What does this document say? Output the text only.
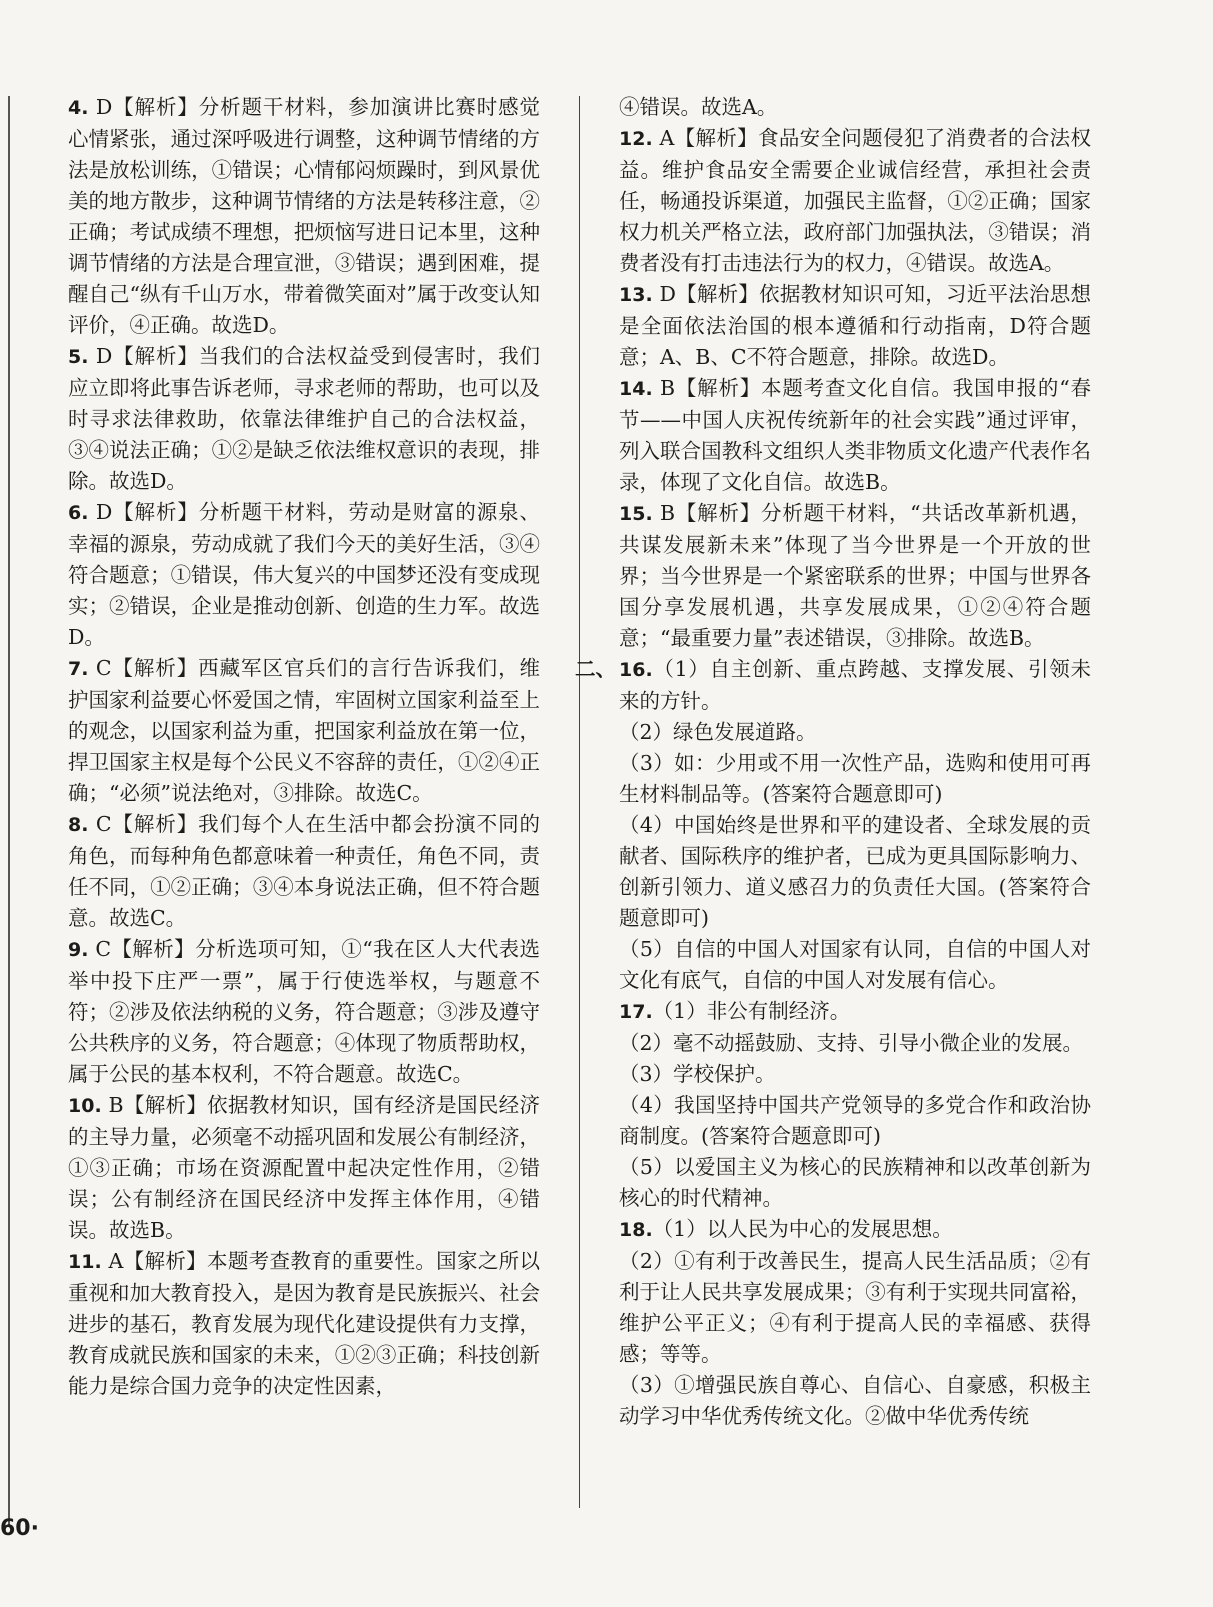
4. D【解析】分析题干材料，参加演讲比赛时感觉心情紧张，通过深呼吸进行调整，这种调节情绪的方法是放松训练，①错误；心情郁闷烦躁时，到风景优美的地方散步，这种调节情绪的方法是转移注意，②正确；考试成绩不理想，把烦恼写进日记本里，这种调节情绪的方法是合理宣泄，③错误；遇到困难，提醒自己“纵有千山万水，带着微笑面对”属于改变认知评价，④正确。故选D。

5. D【解析】当我们的合法权益受到侵害时，我们应立即将此事告诉老师，寻求老师的帮助，也可以及时寻求法律救助，依靠法律维护自己的合法权益，③④说法正确；①②是缺乏依法维权意识的表现，排除。故选D。

6. D【解析】分析题干材料，劳动是财富的源泉、幸福的源泉，劳动成就了我们今天的美好生活，③④符合题意；①错误，伟大复兴的中国梦还没有变成现实；②错误，企业是推动创新、创造的生力军。故选D。

7. C【解析】西藏军区官兵们的言行告诉我们，维护国家利益要心怀爱国之情，牢固树立国家利益至上的观念，以国家利益为重，把国家利益放在第一位，捍卫国家主权是每个公民义不容辞的责任，①②④正确；“必须”说法绝对，③排除。故选C。

8. C【解析】我们每个人在生活中都会扮演不同的角色，而每种角色都意味着一种责任，角色不同，责任不同，①②正确；③④本身说法正确，但不符合题意。故选C。

9. C【解析】分析选项可知，①“我在区人大代表选举中投下庄严一票”，属于行使选举权，与题意不符；②涉及依法纳税的义务，符合题意；③涉及遵守公共秩序的义务，符合题意；④体现了物质帮助权，属于公民的基本权利，不符合题意。故选C。

10. B【解析】依据教材知识，国有经济是国民经济的主导力量，必须毫不动摇巩固和发展公有制经济，①③正确；市场在资源配置中起决定性作用，②错误；公有制经济在国民经济中发挥主体作用，④错误。故选B。

11. A【解析】本题考查教育的重要性。国家之所以重视和加大教育投入，是因为教育是民族振兴、社会进步的基石，教育发展为现代化建设提供有力支撑，教育成就民族和国家的未来，①②③正确；科技创新能力是综合国力竞争的决定性因素，

④错误。故选A。

12. A【解析】食品安全问题侵犯了消费者的合法权益。维护食品安全需要企业诚信经营，承担社会责任，畅通投诉渠道，加强民主监督，①②正确；国家权力机关严格立法，政府部门加强执法，③错误；消费者没有打击违法行为的权力，④错误。故选A。

13. D【解析】依据教材知识可知，习近平法治思想是全面依法治国的根本遵循和行动指南，D符合题意；A、B、C不符合题意，排除。故选D。

14. B【解析】本题考查文化自信。我国申报的“春节——中国人庆祝传统新年的社会实践”通过评审，列入联合国教科文组织人类非物质文化遗产代表作名录，体现了文化自信。故选B。

15. B【解析】分析题干材料，“共话改革新机遇，共谋发展新未来”体现了当今世界是一个开放的世界；当今世界是一个紧密联系的世界；中国与世界各国分享发展机遇，共享发展成果，①②④符合题意；“最重要力量”表述错误，③排除。故选B。

二、 16.（1）自主创新、重点跨越、支撑发展、引领未来的方针。

（2）绿色发展道路。

（3）如：少用或不用一次性产品，选购和使用可再生材料制品等。(答案符合题意即可)

（4）中国始终是世界和平的建设者、全球发展的贡献者、国际秩序的维护者，已成为更具国际影响力、创新引领力、道义感召力的负责任大国。(答案符合题意即可)

（5）自信的中国人对国家有认同，自信的中国人对文化有底气，自信的中国人对发展有信心。

17.（1）非公有制经济。

（2）毫不动摇鼓励、支持、引导小微企业的发展。

（3）学校保护。

（4）我国坚持中国共产党领导的多党合作和政治协商制度。(答案符合题意即可)

（5）以爱国主义为核心的民族精神和以改革创新为核心的时代精神。

18.（1）以人民为中心的发展思想。

（2）①有利于改善民生，提高人民生活品质；②有利于让人民共享发展成果；③有利于实现共同富裕，维护公平正义；④有利于提高人民的幸福感、获得感；等等。

（3）①增强民族自尊心、自信心、自豪感，积极主动学习中华优秀传统文化。②做中华优秀传统

60·
